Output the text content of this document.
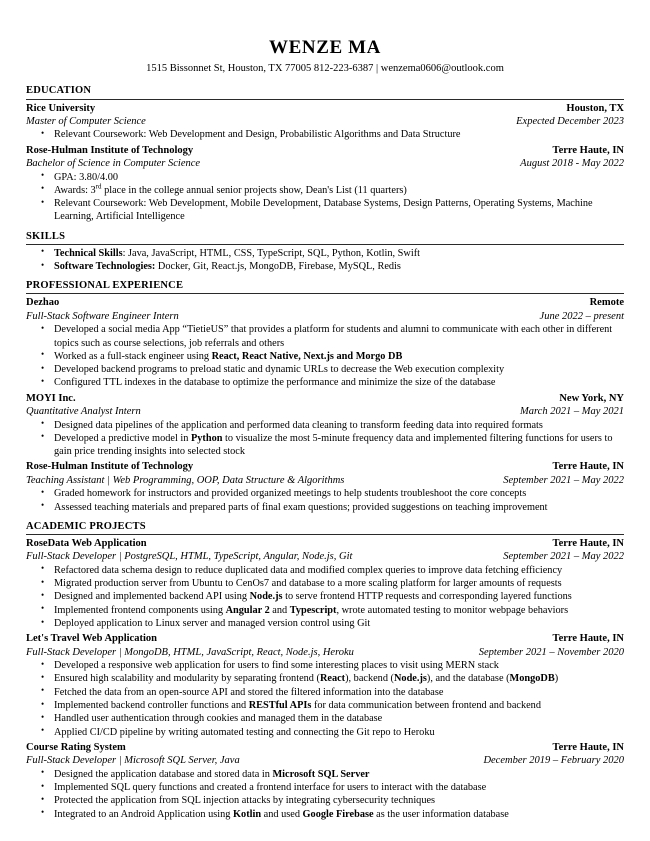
WENZE MA
1515 Bissonnet St, Houston, TX 77005 812-223-6387 | wenzema0606@outlook.com
EDUCATION
Rice University	Houston, TX
Master of Computer Science	Expected December 2023
• Relevant Coursework: Web Development and Design, Probabilistic Algorithms and Data Structure
Rose-Hulman Institute of Technology	Terre Haute, IN
Bachelor of Science in Computer Science	August 2018 - May 2022
• GPA: 3.80/4.00
• Awards: 3rd place in the college annual senior projects show, Dean's List (11 quarters)
• Relevant Coursework: Web Development, Mobile Development, Database Systems, Design Patterns, Operating Systems, Machine Learning, Artificial Intelligence
SKILLS
• Technical Skills: Java, JavaScript, HTML, CSS, TypeScript, SQL, Python, Kotlin, Swift
• Software Technologies: Docker, Git, React.js, MongoDB, Firebase, MySQL, Redis
PROFESSIONAL EXPERIENCE
Dezhao	Remote
Full-Stack Software Engineer Intern	June 2022 – present
• Developed a social media App “TietieUS” that provides a platform for students and alumni to communicate with each other in different topics such as course selections, job referrals and others
• Worked as a full-stack engineer using React, React Native, Next.js and Morgo DB
• Developed backend programs to preload static and dynamic URLs to decrease the Web execution complexity
• Configured TTL indexes in the database to optimize the performance and minimize the size of the database
MOYI Inc.	New York, NY
Quantitative Analyst Intern	March 2021 – May 2021
• Designed data pipelines of the application and performed data cleaning to transform feeding data into required formats
• Developed a predictive model in Python to visualize the most 5-minute frequency data and implemented filtering functions for users to gain price trending insights into selected stock
Rose-Hulman Institute of Technology	Terre Haute, IN
Teaching Assistant | Web Programming, OOP, Data Structure & Algorithms	September 2021 – May 2022
• Graded homework for instructors and provided organized meetings to help students troubleshoot the core concepts
• Assessed teaching materials and prepared parts of final exam questions; provided suggestions on teaching improvement
ACADEMIC PROJECTS
RoseData Web Application	Terre Haute, IN
Full-Stack Developer | PostgreSQL, HTML, TypeScript, Angular, Node.js, Git	September 2021 – May 2022
• Refactored data schema design to reduce duplicated data and modified complex queries to improve data fetching efficiency
• Migrated production server from Ubuntu to CenOs7 and database to a more scaling platform for larger amounts of requests
• Designed and implemented backend API using Node.js to serve frontend HTTP requests and corresponding layered functions
• Implemented frontend components using Angular 2 and Typescript, wrote automated testing to monitor webpage behaviors
• Deployed application to Linux server and managed version control using Git
Let's Travel Web Application	Terre Haute, IN
Full-Stack Developer | MongoDB, HTML, JavaScript, React, Node.js, Heroku	September 2021 – November 2020
• Developed a responsive web application for users to find some interesting places to visit using MERN stack
• Ensured high scalability and modularity by separating frontend (React), backend (Node.js), and the database (MongoDB)
• Fetched the data from an open-source API and stored the filtered information into the database
• Implemented backend controller functions and RESTful APIs for data communication between frontend and backend
• Handled user authentication through cookies and managed them in the database
• Applied CI/CD pipeline by writing automated testing and connecting the Git repo to Heroku
Course Rating System	Terre Haute, IN
Full-Stack Developer | Microsoft SQL Server, Java	December 2019 – February 2020
• Designed the application database and stored data in Microsoft SQL Server
• Implemented SQL query functions and created a frontend interface for users to interact with the database
• Protected the application from SQL injection attacks by integrating cybersecurity techniques
• Integrated to an Android Application using Kotlin and used Google Firebase as the user information database
